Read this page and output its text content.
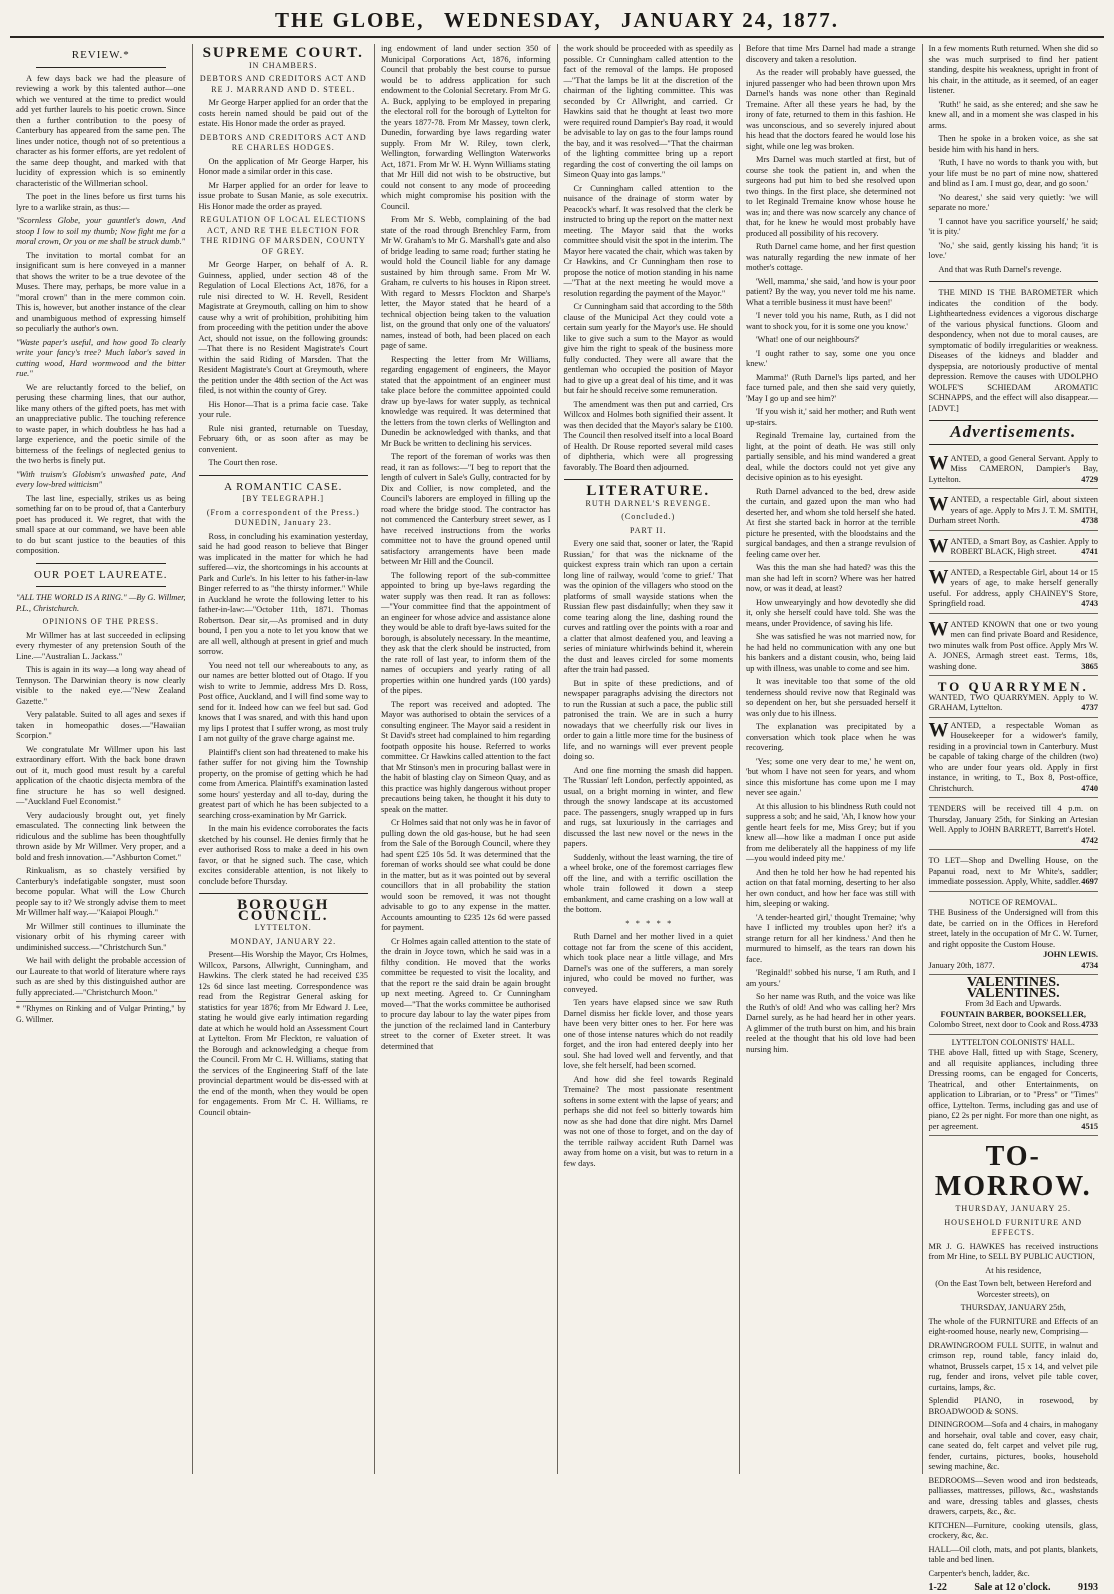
THE GLOBE, WEDNESDAY, JANUARY 24, 1877.
REVIEW.*

A few days back we had the pleasure of reviewing a work by this talented author—one which we ventured at the time to predict would add yet further laurels to his poetic crown. Since then a further contribution to the poesy of Canterbury has appeared from the same pen. The lines under notice, though not of so pretentious a character as his former efforts, are yet redolent of the same deep thought, and marked with that lucidity of expression which is so eminently characteristic of the Willmerian school.

The poet in the lines before us first turns his lyre to a warlike strain, as thus:—

"Scornless Globe, your gauntlet's down, And stoop I low to soil my thumb; Now fight me for a moral crown, Or you or me shall be struck dumb."

The invitation to mortal combat for an insignificant sum is here conveyed in a manner that shows the writer to be a true devotee of the Muses. There may, perhaps, be more value in a "moral crown" than in the mere common coin. This is, however, but another instance of the clear and unambiguous method of expressing himself so peculiarly the author's own.

"Waste paper's useful, and how good To clearly write your fancy's tree? Much labor's saved in cutting wood, Hard wormwood and the bitter rue."

We are reluctantly forced to the belief, on perusing these charming lines, that our author, like many others of the gifted poets, has met with an unappreciative public. The touching reference to waste paper, in which doubtless he has had a large experience, and the poetic simile of the bitterness of the feelings of neglected genius to the two herbs is finely put.

"With truism's Globism's unwashed pate, And every low-bred witticism"

The last line, especially, strikes us as being something far on to be proud of, that a Canterbury poet has produced it. We regret, that with the small space at our command, we have been able to do but scant justice to the beauties of this composition.

OUR POET LAUREATE.

"ALL THE WORLD IS A RING." —By G. Willmer, P.L., Christchurch.

OPINIONS OF THE PRESS.

Mr Willmer has at last succeeded in eclipsing every rhymester of any pretension South of the Line.—"Australian L. Jackass."

This is again in its way—a long way ahead of Tennyson. The Darwinian theory is now clearly visible to the naked eye.—"New Zealand Gazette."

Very palatable. Suited to all ages and sexes if taken in homeopathic doses.—"Hawaiian Scorpion."

We congratulate Mr Willmer upon his last extraordinary effort. With the back bone drawn out of it, much good must result by a careful application of the chaotic disjecta membra of the fine structure he has so well designed.—"Auckland Fuel Economist."

Very audaciously brought out, yet finely emasculated. The connecting link between the ridiculous and the sublime has been thoughtfully thrown aside by Mr Willmer. Very proper, and a bold and fresh innovation.—"Ashburton Comet."

Rinkualism, as so chastely versified by Canterbury's indefatigable songster, must soon become popular. What will the Low Church people say to it? We strongly advise them to meet Mr Willmer half way.—"Kaiapoi Plough."

Mr Willmer still continues to illuminate the visionary orbit of his rhyming career with undiminished success.—"Christchurch Sun."

We hail with delight the probable accession of our Laureate to that world of literature where rays such as are shed by this distinguished author are fully appreciated.—"Christchurch Moon."

* "Rhymes on Rinking and of Vulgar Printing," by G. Willmer.

SUPREME COURT.

IN CHAMBERS.

DEBTORS AND CREDITORS ACT AND RE J. MARRAND AND D. STEEL.

Mr George Harper applied for an order that the costs herein named should be paid out of the estate. His Honor made the order as prayed.

DEBTORS AND CREDITORS ACT AND RE CHARLES HODGES.

On the application of Mr George Harper, his Honor made a similar order in this case.

Mr Harper applied for an order for leave to issue probate to Susan Manie, as sole executrix. His Honor made the order as prayed.

REGULATION OF LOCAL ELECTIONS ACT, AND RE THE ELECTION FOR THE RIDING OF MARSDEN, COUNTY OF GREY.

Mr George Harper, on behalf of A. R. Guinness, applied, under section 48 of the Regulation of Local Elections Act, 1876, for a rule nisi directed to W. H. Revell, Resident Magistrate at Greymouth, calling on him to show cause why a writ of prohibition, prohibiting him from proceeding with the petition under the above Act, should not issue, on the following grounds:—That there is no Resident Magistrate's Court within the said Riding of Marsden. That the Resident Magistrate's Court at Greymouth, where the petition under the 48th section of the Act was filed, is not within the county of Grey.

His Honor—That is a prima facie case. Take your rule.

Rule nisi granted, returnable on Tuesday, February 6th, or as soon after as may be convenient.

The Court then rose.

A ROMANTIC CASE.

[BY TELEGRAPH.]

(From a correspondent of the Press.) DUNEDIN, January 23.

Ross, in concluding his examination yesterday, said he had good reason to believe that Binger was implicated in the matter for which he had suffered—viz, the shortcomings in his accounts at Park and Curle's. In his letter to his father-in-law Binger referred to as "the thirsty informer." While in Auckland he wrote the following letter to his father-in-law:—"October 11th, 1871. Thomas Robertson. Dear sir,—As promised and in duty bound, I pen you a note to let you know that we are all well, although at present in grief and much sorrow.

You need not tell our whereabouts to any, as our names are better blotted out of Otago. If you wish to write to Jemmie, address Mrs D. Ross, Post office, Auckland, and I will find some way to send for it. Indeed how can we feel but sad. God knows that I was snared, and with this hand upon my lips I protest that I suffer wrong, as most truly I am not guilty of the grave charge against me.

Plaintiff's client son had threatened to make his father suffer for not giving him the Township property, on the promise of getting which he had come from America. Plaintiff's examination lasted some hours' yesterday and all to-day, during the greatest part of which he has been subjected to a searching cross-examination by Mr Garrick.

In the main his evidence corroborates the facts sketched by his counsel. He denies firmly that he ever authorised Ross to make a deed in his own favor, or that he signed such. The case, which excites considerable attention, is not likely to conclude before Thursday.

BOROUGH COUNCIL.

LYTTELTON.

MONDAY, JANUARY 22.

Present—His Worship the Mayor, Crs Holmes, Willcox, Parsons, Allwright, Cunningham, and Hawkins. The clerk stated he had received £35 12s 6d since last meeting. Correspondence was read from the Registrar General asking for statistics for year 1876; from Mr Edward J. Lee, stating he would give early intimation regarding date at which he would hold an Assessment Court at Lyttelton. From Mr Fleckton, re valuation of the Borough and acknowledging a cheque from the Council. From Mr C. H. Williams, stating that the services of the Engineering Staff of the late provincial department would be dis-essed with at the end of the month, when they would be open for engagements. From Mr C. H. Williams, re Council obtain-

ing endowment of land under section 350 of Municipal Corporations Act, 1876, informing Council that probably the best course to pursue would be to address application for such endowment to the Colonial Secretary. From Mr G. A. Buck, applying to be employed in preparing the electoral roll for the borough of Lyttelton for the years 1877-78. From Mr Massey, town clerk, Dunedin, forwarding bye laws regarding water supply. From Mr W. Riley, town clerk, Wellington, forwarding Wellington Waterworks Act, 1871. From Mr W. H. Wynn Williams stating that Mr Hill did not wish to be obstructive, but could not consent to any mode of proceeding which might compromise his position with the Council.

From Mr S. Webb, complaining of the bad state of the road through Brenchley Farm, from Mr W. Graham's to Mr G. Marshall's gate and also of bridge leading to same road; further stating he would hold the Council liable for any damage sustained by him through same. From Mr W. Graham, re culverts to his houses in Ripon street. With regard to Messrs Flockton and Sharpe's letter, the Mayor stated that he heard of a technical objection being taken to the valuation list, on the ground that only one of the valuators' names, instead of both, had been placed on each page of same.

Respecting the letter from Mr Williams, regarding engagement of engineers, the Mayor stated that the appointment of an engineer must take place before the committee appointed could draw up bye-laws for water supply, as technical knowledge was required. It was determined that the letters from the town clerks of Wellington and Dunedin be acknowledged with thanks, and that Mr Buck be written to declining his services.

The report of the foreman of works was then read, it ran as follows:—"I beg to report that the length of culvert in Sale's Gully, contracted for by Dix and Collier, is now completed, and the Council's laborers are employed in filling up the road where the bridge stood. The contractor has not commenced the Canterbury street sewer, as I have received instructions from the works committee not to have the ground opened until satisfactory arrangements have been made between Mr Hill and the Council.

The following report of the sub-committee appointed to bring up bye-laws regarding the water supply was then read. It ran as follows:—"Your committee find that the appointment of an engineer for whose advice and assistance alone they would be able to draft bye-laws suited for the borough, is absolutely necessary. In the meantime, they ask that the clerk should be instructed, from the rate roll of last year, to inform them of the names of occupiers and yearly rating of all properties within one hundred yards (100 yards) of the pipes.

The report was received and adopted. The Mayor was authorised to obtain the services of a consulting engineer. The Mayor said a resident in St David's street had complained to him regarding footpath opposite his house. Referred to works committee. Cr Hawkins called attention to the fact that Mr Stinson's men in procuring ballast were in the habit of blasting clay on Simeon Quay, and as this practice was highly dangerous without proper precautions being taken, he thought it his duty to speak on the matter.

Cr Holmes said that not only was he in favor of pulling down the old gas-house, but he had seen from the Sale of the Borough Council, where they had spent £25 10s 5d. It was determined that the foreman of works should see what could be done in the matter, but as it was pointed out by several councillors that in all probability the station would soon be removed, it was not thought advisable to go to any expense in the matter. Accounts amounting to £235 12s 6d were passed for payment.

Cr Holmes again called attention to the state of the drain in Joyce town, which he said was in a filthy condition. He moved that the works committee be requested to visit the locality, and that the report re the said drain be again brought up next meeting. Agreed to. Cr Cunningham moved—"That the works committee be authorised to procure day labour to lay the water pipes from the junction of the reclaimed land in Canterbury street to the corner of Exeter street. It was determined that

the work should be proceeded with as speedily as possible. Cr Cunningham called attention to the fact of the removal of the lamps. He proposed—"That the lamps be lit at the discretion of the chairman of the lighting committee. This was seconded by Cr Allwright, and carried. Cr Hawkins said that he thought at least two more were required round Dampier's Bay road, it would be advisable to lay on gas to the four lamps round the bay, and it was resolved—"That the chairman of the lighting committee bring up a report regarding the cost of converting the oil lamps on Simeon Quay into gas lamps."

Cr Cunningham called attention to the nuisance of the drainage of storm water by Peacock's wharf. It was resolved that the clerk be instructed to bring up the report on the matter next meeting. The Mayor said that the works committee should visit the spot in the interim. The Mayor here vacated the chair, which was taken by Cr Hawkins, and Cr Cunningham then rose to propose the notice of motion standing in his name—"That at the next meeting he would move a resolution regarding the payment of the Mayor."

Cr Cunningham said that according to the 58th clause of the Municipal Act they could vote a certain sum yearly for the Mayor's use. He should like to give such a sum to the Mayor as would give him the right to speak of the business more fully conducted. They were all aware that the gentleman who occupied the position of Mayor had to give up a great deal of his time, and it was but fair he should receive some remuneration.

The amendment was then put and carried, Crs Willcox and Holmes both signified their assent. It was then decided that the Mayor's salary be £100. The Council then resolved itself into a local Board of Health. Dr Rouse reported several mild cases of diphtheria, which were all progressing favorably. The Board then adjourned.

LITERATURE.

RUTH DARNEL'S REVENGE.

(Concluded.)

PART II.

Every one said that, sooner or later, the 'Rapid Russian,' for that was the nickname of the quickest express train which ran upon a certain long line of railway, would 'come to grief.' That was the opinion of the villagers who stood on the platforms of small wayside stations when the Russian flew past disdainfully; when they saw it come tearing along the line, dashing round the curves and rattling over the points with a roar and a clatter that almost deafened you, and leaving a series of miniature whirlwinds behind it, wherein the dust and leaves circled for some moments after the train had passed.

But in spite of these predictions, and of newspaper paragraphs advising the directors not to run the Russian at such a pace, the public still patronised the train. We are in such a hurry nowadays that we cheerfully risk our lives in order to gain a little more time for the business of life, and no warnings will ever prevent people doing so.

And one fine morning the smash did happen. The 'Russian' left London, perfectly appointed, as usual, on a bright morning in winter, and flew through the snowy landscape at its accustomed pace. The passengers, snugly wrapped up in furs and rugs, sat luxuriously in the carriages and discussed the last new novel or the news in the papers.

Suddenly, without the least warning, the tire of a wheel broke, one of the foremost carriages flew off the line, and with a terrific oscillation the whole train followed it down a steep embankment, and came crashing on a low wall at the bottom.

*   *   *   *   *

Ruth Darnel and her mother lived in a quiet cottage not far from the scene of this accident, which took place near a little village, and Mrs Darnel's was one of the sufferers, a man sorely injured, who could be moved no further, was conveyed.

Ten years have elapsed since we saw Ruth Darnel dismiss her fickle lover, and those years have been very bitter ones to her. For here was one of those intense natures which do not readily forget, and the iron had entered deeply into her soul. She had loved well and fervently, and that love, she felt herself, had been scorned.

And how did she feel towards Reginald Tremaine? The most passionate resentment softens in some extent with the lapse of years; and perhaps she did not feel so bitterly towards him now as she had done that dire night. Mrs Darnel was not one of those to forget, and on the day of the terrible railway accident Ruth Darnel was away from home on a visit, but was to return in a few days.

Before that time Mrs Darnel had made a strange discovery and taken a resolution.

As the reader will probably have guessed, the injured passenger who had been thrown upon Mrs Darnel's hands was none other than Reginald Tremaine. After all these years he had, by the irony of fate, returned to them in this fashion. He was unconscious, and so severely injured about his head that the doctors feared he would lose his sight, while one leg was broken.

Mrs Darnel was much startled at first, but of course she took the patient in, and when the surgeons had put him to bed she resolved upon two things. In the first place, she determined not to let Reginald Tremaine know whose house he was in; and there was now scarcely any chance of that, for he knew he would most probably have produced all possibility of his recovery.

Ruth Darnel came home, and her first question was naturally regarding the new inmate of her mother's cottage.

'Well, mamma,' she said, 'and how is your poor patient? By the way, you never told me his name. What a terrible business it must have been!'

'I never told you his name, Ruth, as I did not want to shock you, for it is some one you know.'

'What! one of our neighbours?'

'I ought rather to say, some one you once knew.'

Mamma!' (Ruth Darnel's lips parted, and her face turned pale, and then she said very quietly, 'May I go up and see him?'

'If you wish it,' said her mother; and Ruth went up-stairs.

Reginald Tremaine lay, curtained from the light, at the point of death. He was still only partially sensible, and his mind wandered a great deal, while the doctors could not yet give any decisive opinion as to his eyesight.

Ruth Darnel advanced to the bed, drew aside the curtain, and gazed upon the man who had deserted her, and whom she told herself she hated. At first she started back in horror at the terrible picture he presented, with the bloodstains and the surgical bandages, and then a strange revulsion of feeling came over her.

Was this the man she had hated? was this the man she had left in scorn? Where was her hatred now, or was it dead, at least?

How unwearyingly and how devotedly she did it, only she herself could have told. She was the means, under Providence, of saving his life.

She was satisfied he was not married now, for he had held no communication with any one but his bankers and a distant cousin, who, being laid up with illness, was unable to come and see him.

It was inevitable too that some of the old tenderness should revive now that Reginald was so dependent on her, but she persuaded herself it was only due to his illness.

The explanation was precipitated by a conversation which took place when he was recovering.

'Yes; some one very dear to me,' he went on, 'but whom I have not seen for years, and whom since this misfortune has come upon me I may never see again.'

At this allusion to his blindness Ruth could not suppress a sob; and he said, 'Ah, I know how your gentle heart feels for me, Miss Grey; but if you knew all—how like a madman I once put aside from me deliberately all the happiness of my life—you would indeed pity me.'

And then he told her how he had repented his action on that fatal morning, deserting to her also her own conduct, and how her face was still with him, sleeping or waking.

'A tender-hearted girl,' thought Tremaine; 'why have I inflicted my troubles upon her? it's a strange return for all her kindness.' And then he murmured to himself, as the tears ran down his face.

'Reginald!' sobbed his nurse, 'I am Ruth, and I am yours.'

So her name was Ruth, and the voice was like the Ruth's of old! And who was calling her? Mrs Darnel surely, as he had heard her in other years. A glimmer of the truth burst on him, and his brain reeled at the thought that his old love had been nursing him.

In a few moments Ruth returned. When she did so she was much surprised to find her patient standing, despite his weakness, upright in front of his chair, in the attitude, as it seemed, of an eager listener.

'Ruth!' he said, as she entered; and she saw he knew all, and in a moment she was clasped in his arms.

Then he spoke in a broken voice, as she sat beside him with his hand in hers.

'Ruth, I have no words to thank you with, but your life must be no part of mine now, shattered and blind as I am. I must go, dear, and go soon.'

'No dearest,' she said very quietly: 'we will separate no more.'

'I cannot have you sacrifice yourself,' he said; 'it is pity.'

'No,' she said, gently kissing his hand; 'it is love.'

And that was Ruth Darnel's revenge.

THE MIND IS THE BAROMETER which indicates the condition of the body. Lightheartedness evidences a vigorous discharge of the various physical functions. Gloom and despondency, when not due to moral causes, are symptomatic of bodily irregularities or weakness. Diseases of the kidneys and bladder and dyspepsia, are notoriously productive of mental depression. Remove the causes with UDOLPHO WOLFE'S SCHIEDAM AROMATIC SCHNAPPS, and the effect will also disappear.—[ADVT.]

Advertisements.

WANTED, a good General Servant. Apply to Miss CAMERON, Dampier's Bay, Lyttelton.	4729

WANTED, a respectable Girl, about sixteen years of age. Apply to Mrs J. T. M. SMITH, Durham street North.	4738

WANTED, a Smart Boy, as Cashier. Apply to ROBERT BLACK, High street.	4741

WANTED, a Respectable Girl, about 14 or 15 years of age, to make herself generally useful. For address, apply CHAINEY'S Store, Springfield road.	4743

WANTED KNOWN that one or two young men can find private Board and Residence, two minutes walk from Post office. Apply Mrs W. A. JONES, Armagh street east. Terms, 18s, washing done.	3865

TO QUARRYMEN.
WANTED, TWO QUARRYMEN. Apply to W. GRAHAM, Lyttelton.	4737

WANTED, a respectable Woman as Housekeeper for a widower's family, residing in a provincial town in Canterbury. Must be capable of taking charge of the children (two) who are under four years old. Apply in first instance, in writing, to T., Box 8, Post-office, Christchurch.	4740

TENDERS will be received till 4 p.m. on Thursday, January 25th, for Sinking an Artesian Well. Apply to JOHN BARRETT, Barrett's Hotel.
4742

TO LET—Shop and Dwelling House, on the Papanui road, next to Mr White's, saddler; immediate possession. Apply, White, saddler. 4697

NOTICE OF REMOVAL.
THE Business of the Undersigned will from this date, be carried on in the Offices in Hereford street, lately in the occupation of Mr C. W. Turner, and right opposite the Custom House.
JOHN LEWIS.
January 20th, 1877.	4734
VALENTINES. VALENTINES.
From 3d Each and Upwards.
FOUNTAIN BARBER, BOOKSELLER,
Colombo Street, next door to Cook and Ross. 4733
LYTTELTON COLONISTS' HALL.
THE above Hall, fitted up with Stage, Scenery, and all requisite appliances, including three Dressing rooms, can be engaged for Concerts, Theatrical, and other Entertainments, on application to Librarian, or to "Press" or "Times" office, Lyttelton. Terms, including gas and use of piano, £2 2s per night. For more than one night, as per agreement.	4515
TO-MORROW.

THURSDAY, JANUARY 25.

HOUSEHOLD FURNITURE AND EFFECTS.

MR J. G. HAWKES has received instructions from Mr Hine, to SELL BY PUBLIC AUCTION,

At his residence,

(On the East Town belt, between Hereford and Worcester streets), on

THURSDAY, JANUARY 25th,

The whole of the FURNITURE and Effects of an eight-roomed house, nearly new, Comprising—

DRAWINGROOM FULL SUITE, in walnut and crimson rep, round table, fancy inlaid do, whatnot, Brussels carpet, 15 x 14, and velvet pile rug, fender and irons, velvet pile table cover, curtains, lamps, &c.

Splendid PIANO, in rosewood, by BROADWOOD & SONS.

DININGROOM—Sofa and 4 chairs, in mahogany and horsehair, oval table and cover, easy chair, cane seated do, felt carpet and velvet pile rug, fender, curtains, pictures, books, household sewing machine, &c.

BEDROOMS—Seven wood and iron bedsteads, palliasses, mattresses, pillows, &c., washstands and ware, dressing tables and glasses, chests drawers, carpets, &c., &c.

KITCHEN—Furniture, cooking utensils, glass, crockery, &c, &c.

HALL—Oil cloth, mats, and pot plants, blankets, table and bed linen.

Carpenter's bench, ladder, &c.

1-22	Sale at 12 o'clock.	9193
